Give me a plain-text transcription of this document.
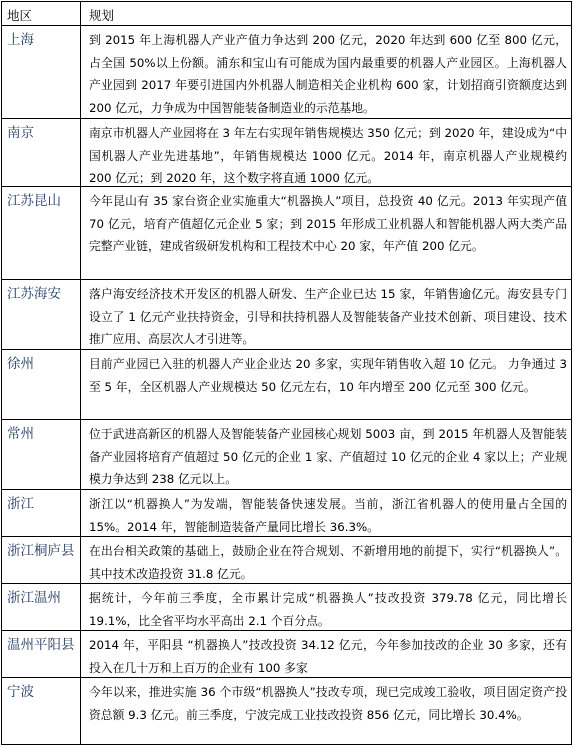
地区	规划
上海	到 2015 年上海机器人产业产值力争达到 200 亿元，2020 年达到 600 亿至 800 亿元，占全国 50%以上份额。浦东和宝山有可能成为国内最重要的机器人产业园区。上海机器人产业园到 2017 年要引进国内外机器人制造相关企业机构 600 家，计划招商引资额度达到 200 亿元，力争成为中国智能装备制造业的示范基地。
南京	南京市机器人产业园将在 3 年左右实现年销售规模达 350 亿元；到 2020 年，建设成为“中国机器人产业先进基地”，年销售规模达 1000 亿元。2014 年，南京机器人产业规模约 200 亿元；到 2020 年，这个数字将直通 1000 亿元。
江苏昆山	今年昆山有 35 家台资企业实施重大“机器换人”项目，总投资 40 亿元。2013 年实现产值 70 亿元，培育产值超亿元企业 5 家；到 2015 年形成工业机器人和智能机器人两大类产品完整产业链，建成省级研发机构和工程技术中心 20 家，年产值 200 亿元。
江苏海安	落户海安经济技术开发区的机器人研发、生产企业已达 15 家，年销售逾亿元。海安县专门设立了 1 亿元产业扶持资金，引导和扶持机器人及智能装备产业技术创新、项目建设、技术推广应用、高层次人才引进等。
徐州	目前产业园已入驻的机器人产业企业达 20 多家，实现年销售收入超 10 亿元。 力争通过 3 至 5 年，全区机器人产业规模达 50 亿元左右，10 年内增至 200 亿元至 300 亿元。
常州	位于武进高新区的机器人及智能装备产业园核心规划 5003 亩，到 2015 年机器人及智能装备产业园将培育产值超过 50 亿元的企业 1 家、产值超过 10 亿元的企业 4 家以上；产业规模力争达到 238 亿元以上。
浙江	浙江以“机器换人”为发端，智能装备快速发展。当前，浙江省机器人的使用量占全国的 15%。2014 年，智能制造装备产量同比增长 36.3%。
浙江桐庐县	在出台相关政策的基础上，鼓励企业在符合规划、不新增用地的前提下，实行“机器换人”。其中技术改造投资 31.8 亿元。
浙江温州	据统计，今年前三季度，全市累计完成“机器换人”技改投资 379.78 亿元，同比增长 19.1%，比全省平均水平高出 2.1 个百分点。
温州平阳县	2014 年，平阳县 “机器换人”技改投资 34.12 亿元，今年参加技改的企业 30 多家，还有投入在几十万和上百万的企业有 100 多家
宁波	今年以来，推进实施 36 个市级“机器换人”技改专项，现已完成竣工验收，项目固定资产投资总额 9.3 亿元。前三季度，宁波完成工业技改投资 856 亿元，同比增长 30.4%。
